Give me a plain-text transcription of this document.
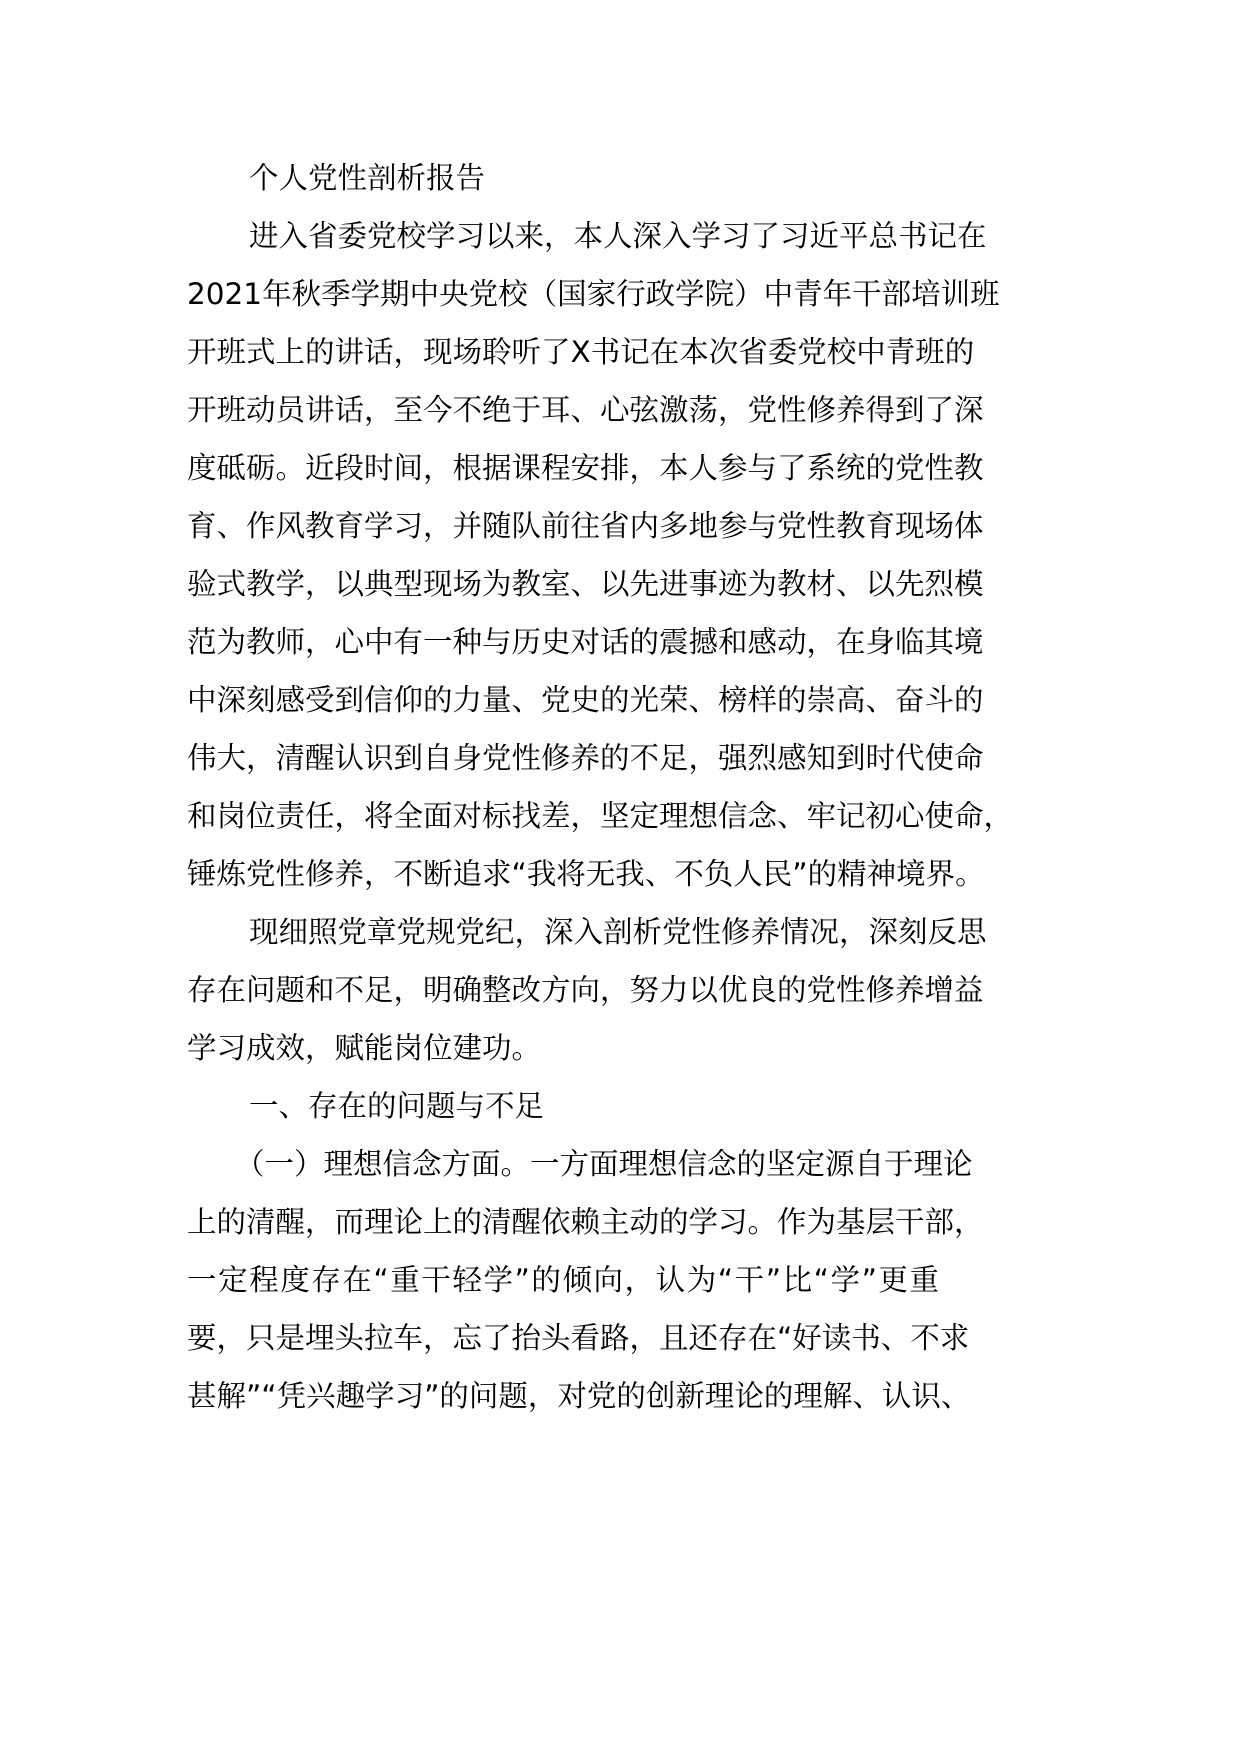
个人党性剖析报告
进入省委党校学习以来，本人深入学习了习近平总书记在
2021年秋季学期中央党校（国家行政学院）中青年干部培训班
开班式上的讲话，现场聆听了X书记在本次省委党校中青班的
开班动员讲话，至今不绝于耳、心弦激荡，党性修养得到了深
度砥砺。近段时间，根据课程安排，本人参与了系统的党性教
育、作风教育学习，并随队前往省内多地参与党性教育现场体
验式教学，以典型现场为教室、以先进事迹为教材、以先烈模
范为教师，心中有一种与历史对话的震撼和感动，在身临其境
中深刻感受到信仰的力量、党史的光荣、榜样的崇高、奋斗的
伟大，清醒认识到自身党性修养的不足，强烈感知到时代使命
和岗位责任，将全面对标找差，坚定理想信念、牢记初心使命，
锤炼党性修养，不断追求“我将无我、不负人民”的精神境界。
现细照党章党规党纪，深入剖析党性修养情况，深刻反思
存在问题和不足，明确整改方向，努力以优良的党性修养增益
学习成效，赋能岗位建功。
一、存在的问题与不足
（一）理想信念方面。一方面理想信念的坚定源自于理论
上的清醒，而理论上的清醒依赖主动的学习。作为基层干部，
一定程度存在“重干轻学”的倾向，认为“干”比“学”更重
要，只是埋头拉车，忘了抬头看路，且还存在“好读书、不求
甚解”“凭兴趣学习”的问题，对党的创新理论的理解、认识、
